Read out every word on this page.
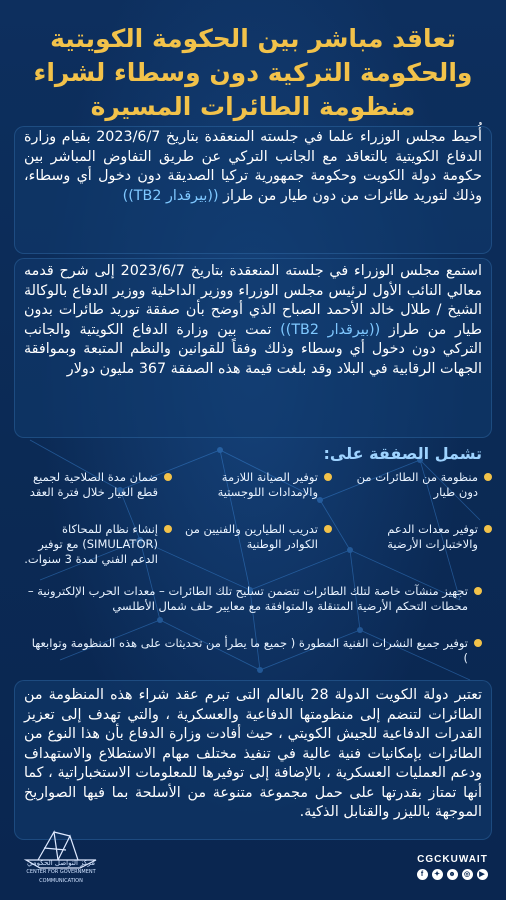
تعاقد مباشر بين الحكومة الكويتية
والحكومة التركية دون وسطاء لشراء
منظومة الطائرات المسيرة

أُحيط مجلس الوزراء علما في جلسته المنعقدة بتاريخ 2023/6/7 بقيام وزارة الدفاع الكويتية بالتعاقد مع الجانب التركي عن طريق التفاوض المباشر بين حكومة دولة الكويت وحكومة جمهورية تركيا الصديقة دون دخول أي وسطاء، وذلك لتوريد طائرات من دون طيار من طراز ((بيرقدار TB2))

استمع مجلس الوزراء في جلسته المنعقدة بتاريخ 2023/6/7 إلى شرح قدمه معالي النائب الأول لرئيس مجلس الوزراء ووزير الداخلية ووزير الدفاع بالوكالة الشيخ / طلال خالد الأحمد الصباح الذي أوضح بأن صفقة توريد طائرات بدون طيار من طراز ((بيرقدار TB2)) تمت بين وزارة الدفاع الكويتية والجانب التركي دون دخول أي وسطاء وذلك وفقاً للقوانين والنظم المتبعة وبموافقة الجهات الرقابية في البلاد وقد بلغت قيمة هذه الصفقة 367 مليون دولار

تشمل الصفقة على:
منظومة من الطائرات من دون طيار
توفير الصيانة اللازمة والإمدادات اللوجستية
ضمان مدة الصلاحية لجميع قطع الغيار خلال فترة العقد
توفير معدات الدعم والاختبارات الأرضية
تدريب الطيارين والفنيين من الكوادر الوطنية
إنشاء نظام للمحاكاة (SIMULATOR) مع توفير الدعم الفني لمدة 3 سنوات.
تجهيز منشآت خاصة لتلك الطائرات تتضمن تسليح تلك الطائرات – معدات الحرب الإلكترونية – محطات التحكم الأرضية المتنقلة والمتوافقة مع معايير حلف شمال الأطلسي
توفير جميع النشرات الفنية المطورة ( جميع ما يطرأ من تحديثات على هذه المنظومة وتوابعها )

تعتبر دولة الكويت الدولة 28 بالعالم التى تبرم عقد شراء هذه المنظومة من الطائرات لتنضم إلى منظومتها الدفاعية والعسكرية ، والتي تهدف إلى تعزيز القدرات الدفاعية للجيش الكويتي ، حيث أفادت وزارة الدفاع بأن هذا النوع من الطائرات بإمكانيات فنية عالية في تنفيذ مختلف مهام الاستطلاع والاستهداف ودعم العمليات العسكرية ، بالإضافة إلى توفيرها للمعلومات الاستخباراتية ، كما أنها تمتاز بقدرتها على حمل مجموعة متنوعة من الأسلحة بما فيها الصواريخ الموجهة بالليزر والقنابل الذكية.

مركز التواصل الحكومي
CENTER FOR GOVERNMENT COMMUNICATION
CGCKUWAIT
▶
◎
☻
✦
f
